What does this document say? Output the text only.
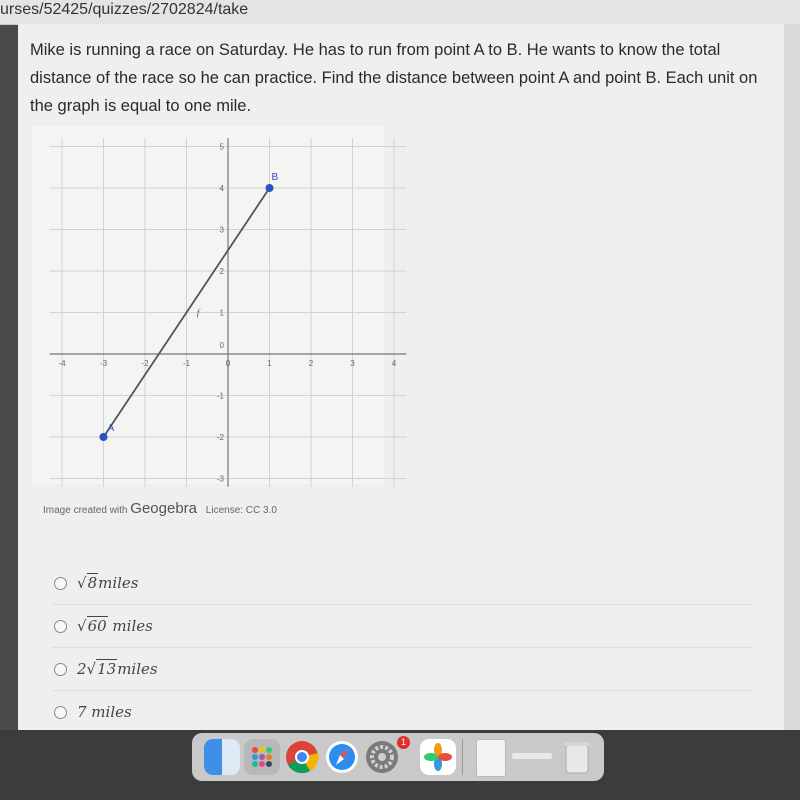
urses/52425/quizzes/2702824/take
Mike is running a race on Saturday. He has to run from point A to B. He wants to know the total distance of the race so he can practice. Find the distance between point A and point B. Each unit on the graph is equal to one mile.
-4	-3	-2	-1	0	1	2	3	4
5
4
3
2
1
0
-1
-2
-3
f
A
B
Image created with Geogebra License: CC 3.0
√8miles
√60 miles
2√13miles
7 miles
1
